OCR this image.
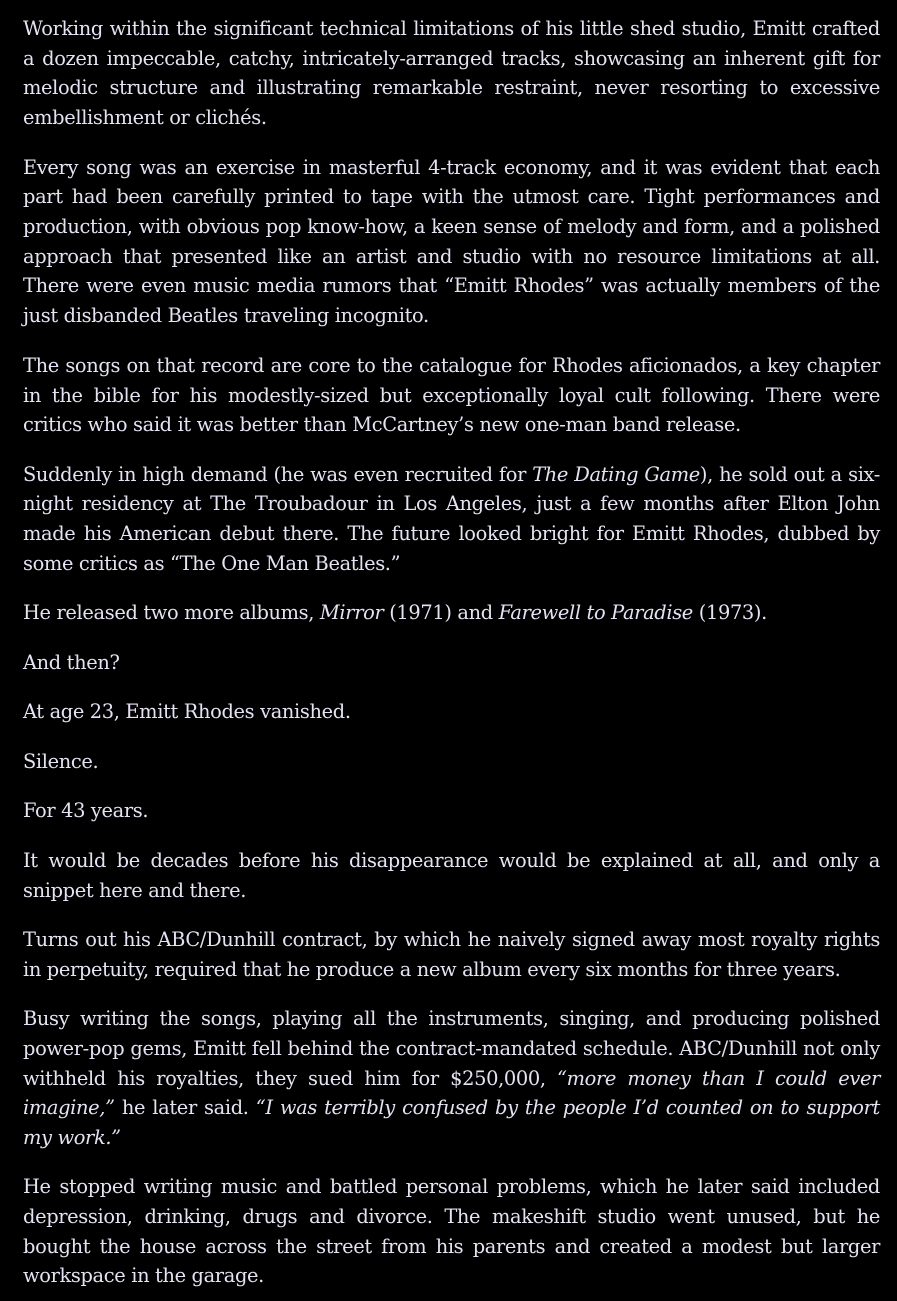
Working within the significant technical limitations of his little shed studio, Emitt crafted a dozen impeccable, catchy, intricately-arranged tracks, showcasing an inherent gift for melodic structure and illustrating remarkable restraint, never resorting to excessive embellishment or clichés.

Every song was an exercise in masterful 4-track economy, and it was evident that each part had been carefully printed to tape with the utmost care. Tight performances and production, with obvious pop know-how, a keen sense of melody and form, and a polished approach that presented like an artist and studio with no resource limitations at all. There were even music media rumors that “Emitt Rhodes” was actually members of the just disbanded Beatles traveling incognito.

The songs on that record are core to the catalogue for Rhodes aficionados, a key chapter in the bible for his modestly-sized but exceptionally loyal cult following. There were critics who said it was better than McCartney’s new one-man band release.

Suddenly in high demand (he was even recruited for The Dating Game), he sold out a six-night residency at The Troubadour in Los Angeles, just a few months after Elton John made his American debut there. The future looked bright for Emitt Rhodes, dubbed by some critics as “The One Man Beatles.”

He released two more albums, Mirror (1971) and Farewell to Paradise (1973).

And then?

At age 23, Emitt Rhodes vanished.

Silence.

For 43 years.

It would be decades before his disappearance would be explained at all, and only a snippet here and there.

Turns out his ABC/Dunhill contract, by which he naively signed away most royalty rights in perpetuity, required that he produce a new album every six months for three years.

Busy writing the songs, playing all the instruments, singing, and producing polished power-pop gems, Emitt fell behind the contract-mandated schedule. ABC/Dunhill not only withheld his royalties, they sued him for $250,000, “more money than I could ever imagine,” he later said. “I was terribly confused by the people I’d counted on to support my work.”

He stopped writing music and battled personal problems, which he later said included depression, drinking, drugs and divorce. The makeshift studio went unused, but he bought the house across the street from his parents and created a modest but larger workspace in the garage.
